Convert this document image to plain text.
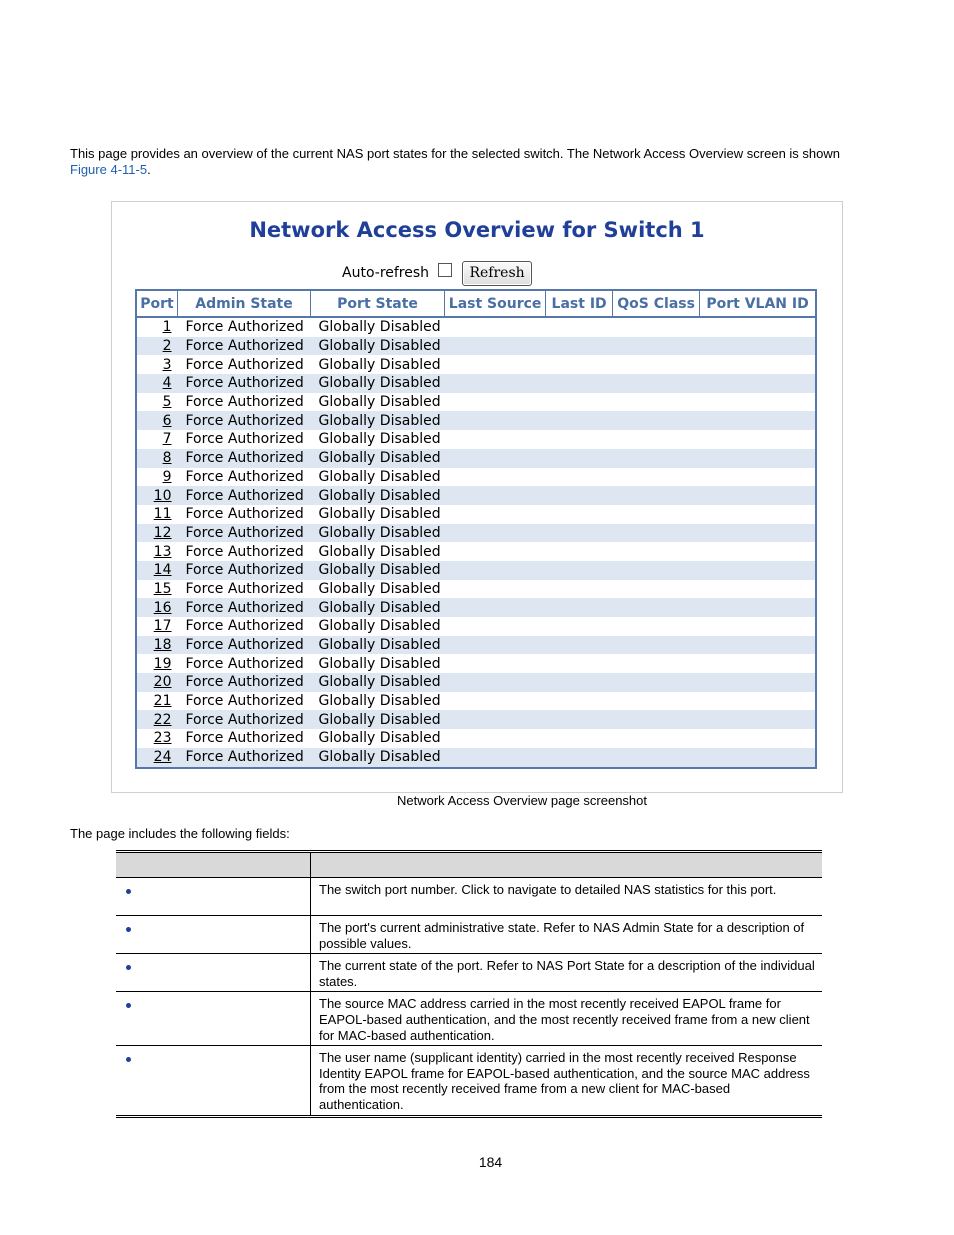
This page provides an overview of the current NAS port states for the selected switch. The Network Access Overview screen is shown Figure 4-11-5.

Network Access Overview for Switch 1
Auto-refresh	Refresh
Port	Admin State	Port State	Last Source	Last ID	QoS Class	Port VLAN ID
1	Force Authorized	Globally Disabled				
2	Force Authorized	Globally Disabled				
3	Force Authorized	Globally Disabled				
4	Force Authorized	Globally Disabled				
5	Force Authorized	Globally Disabled				
6	Force Authorized	Globally Disabled				
7	Force Authorized	Globally Disabled				
8	Force Authorized	Globally Disabled				
9	Force Authorized	Globally Disabled				
10	Force Authorized	Globally Disabled				
11	Force Authorized	Globally Disabled				
12	Force Authorized	Globally Disabled				
13	Force Authorized	Globally Disabled				
14	Force Authorized	Globally Disabled				
15	Force Authorized	Globally Disabled				
16	Force Authorized	Globally Disabled				
17	Force Authorized	Globally Disabled				
18	Force Authorized	Globally Disabled				
19	Force Authorized	Globally Disabled				
20	Force Authorized	Globally Disabled				
21	Force Authorized	Globally Disabled				
22	Force Authorized	Globally Disabled				
23	Force Authorized	Globally Disabled				
24	Force Authorized	Globally Disabled				
Network Access Overview page screenshot
The page includes the following fields:

	The switch port number. Click to navigate to detailed NAS statistics for this port.
	The port's current administrative state. Refer to NAS Admin State for a description of possible values.
	The current state of the port. Refer to NAS Port State for a description of the individual states.
	The source MAC address carried in the most recently received EAPOL frame for EAPOL-based authentication, and the most recently received frame from a new client for MAC-based authentication.
	The user name (supplicant identity) carried in the most recently received Response Identity EAPOL frame for EAPOL-based authentication, and the source MAC address from the most recently received frame from a new client for MAC-based authentication.
184
